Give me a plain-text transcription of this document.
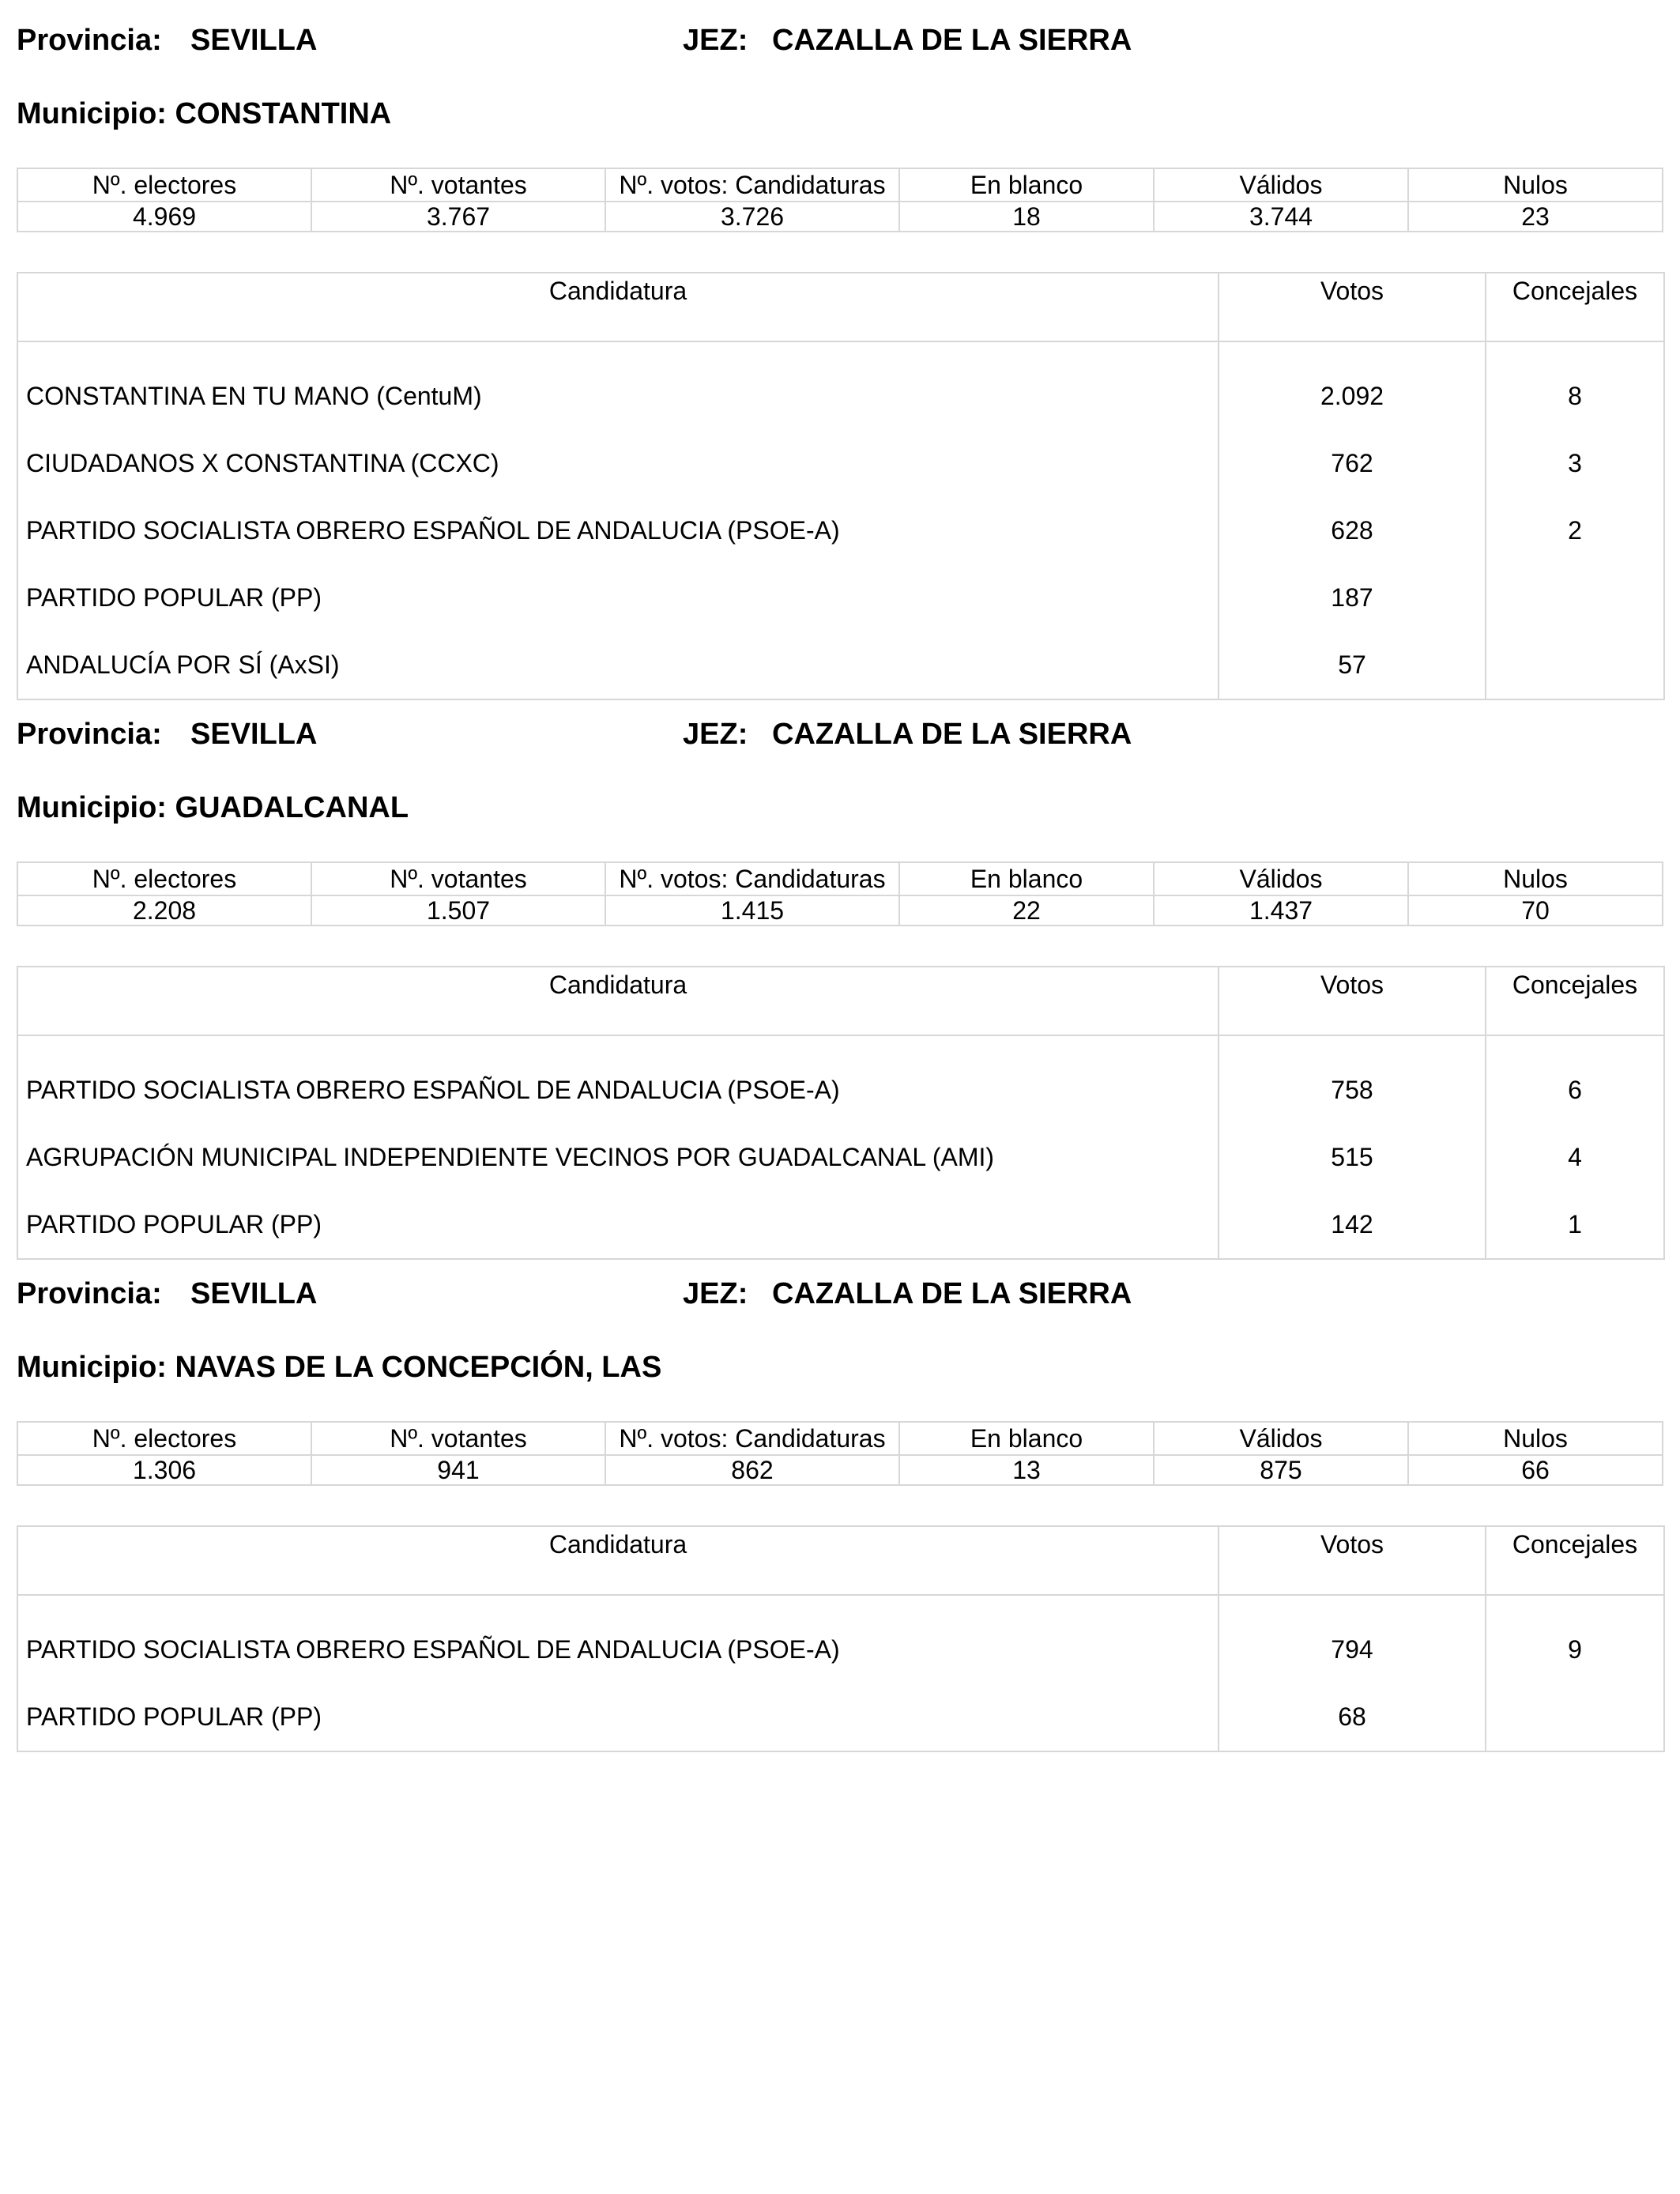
Provincia: SEVILLA	JEZ: CAZALLA DE LA SIERRA
Municipio: CONSTANTINA
Nº. electores	Nº. votantes	Nº. votos: Candidaturas	En blanco	Válidos	Nulos
4.969	3.767	3.726	18	3.744	23
Candidatura	Votos	Concejales
CONSTANTINA EN TU MANO (CentuM)	2.092	8
CIUDADANOS X CONSTANTINA (CCXC)	762	3
PARTIDO SOCIALISTA OBRERO ESPAÑOL DE ANDALUCIA (PSOE-A)	628	2
PARTIDO POPULAR (PP)	187	
ANDALUCÍA POR SÍ (AxSI)	57	
Provincia: SEVILLA	JEZ: CAZALLA DE LA SIERRA
Municipio: GUADALCANAL
Nº. electores	Nº. votantes	Nº. votos: Candidaturas	En blanco	Válidos	Nulos
2.208	1.507	1.415	22	1.437	70
Candidatura	Votos	Concejales
PARTIDO SOCIALISTA OBRERO ESPAÑOL DE ANDALUCIA (PSOE-A)	758	6
AGRUPACIÓN MUNICIPAL INDEPENDIENTE VECINOS POR GUADALCANAL (AMI)	515	4
PARTIDO POPULAR (PP)	142	1
Provincia: SEVILLA	JEZ: CAZALLA DE LA SIERRA
Municipio: NAVAS DE LA CONCEPCIÓN, LAS
Nº. electores	Nº. votantes	Nº. votos: Candidaturas	En blanco	Válidos	Nulos
1.306	941	862	13	875	66
Candidatura	Votos	Concejales
PARTIDO SOCIALISTA OBRERO ESPAÑOL DE ANDALUCIA (PSOE-A)	794	9
PARTIDO POPULAR (PP)	68	
